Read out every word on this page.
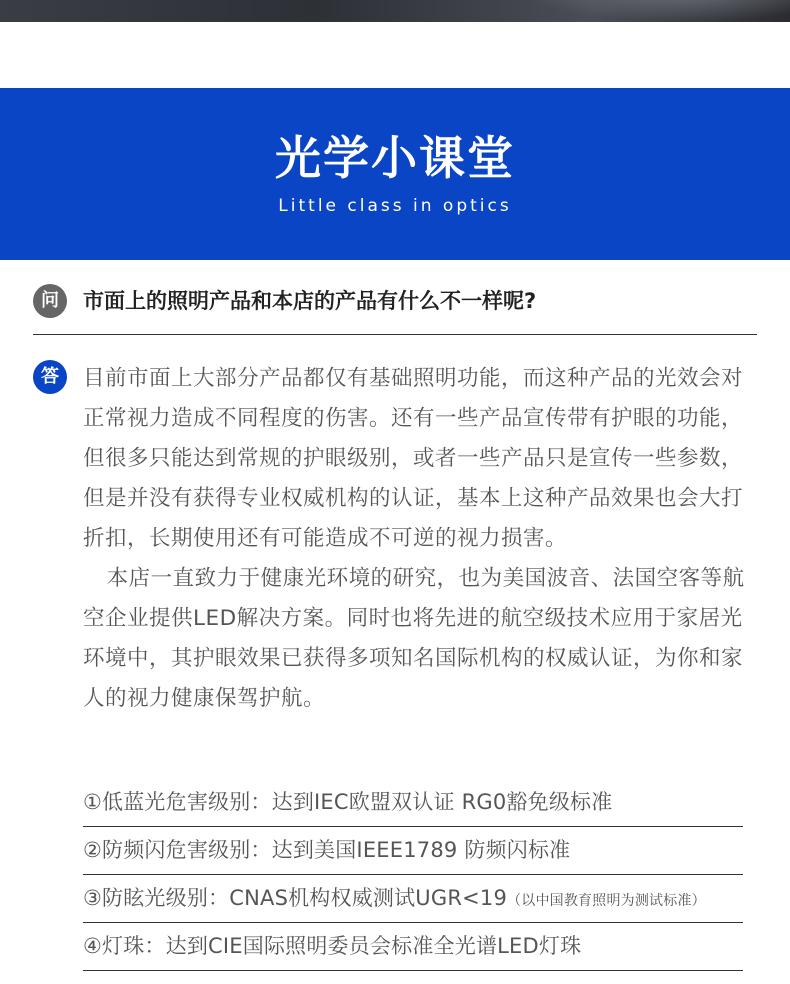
光学小课堂
Little class in optics
问	市面上的照明产品和本店的产品有什么不一样呢?
答	目前市面上大部分产品都仅有基础照明功能，而这种产品的光效会对正常视力造成不同程度的伤害。还有一些产品宣传带有护眼的功能，但很多只能达到常规的护眼级别，或者一些产品只是宣传一些参数，但是并没有获得专业权威机构的认证，基本上这种产品效果也会大打折扣，长期使用还有可能造成不可逆的视力损害。

本店一直致力于健康光环境的研究，也为美国波音、法国空客等航空企业提供LED解决方案。同时也将先进的航空级技术应用于家居光环境中，其护眼效果已获得多项知名国际机构的权威认证，为你和家人的视力健康保驾护航。

①低蓝光危害级别：达到IEC欧盟双认证 RG0豁免级标准
②防频闪危害级别：达到美国IEEE1789 防频闪标准
③防眩光级别：CNAS机构权威测试UGR<19（以中国教育照明为测试标准）
④灯珠：达到CIE国际照明委员会标准全光谱LED灯珠
